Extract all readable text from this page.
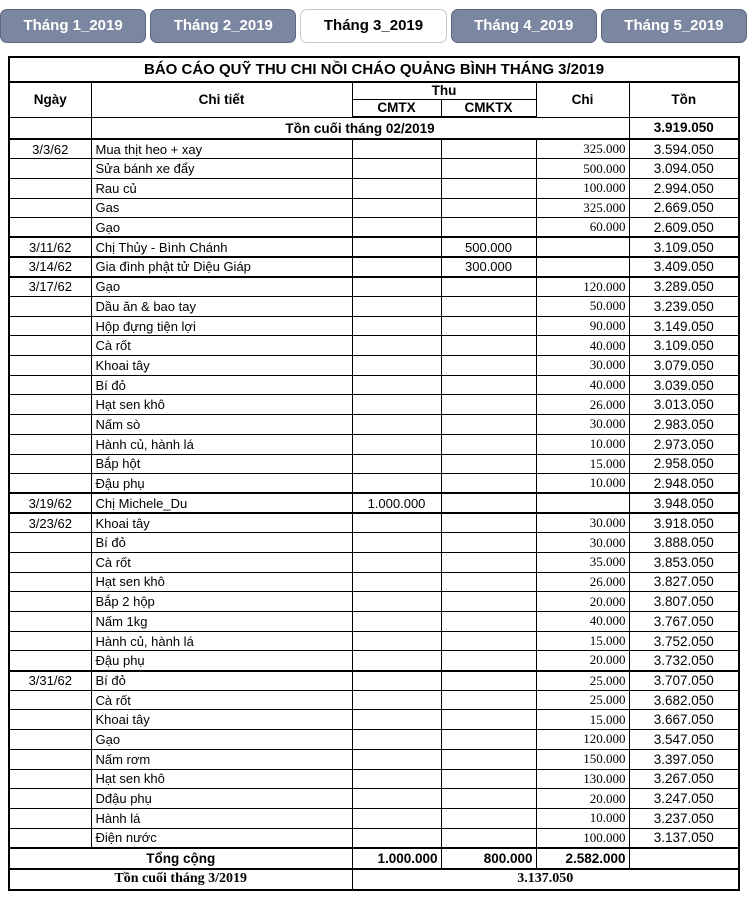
Tháng 1_2019	Tháng 2_2019	Tháng 3_2019	Tháng 4_2019	Tháng 5_2019
BÁO CÁO QUỸ THU CHI NỒI CHÁO QUẢNG BÌNH THÁNG 3/2019					
Ngày	Chi tiết	Thu		Chi	Tồn
		CMTX	CMKTX		
	Tồn cuối tháng 02/2019				3.919.050
3/3/62	Mua thịt heo + xay			325.000	3.594.050
	Sửa bánh xe đẩy			500.000	3.094.050
	Rau củ			100.000	2.994.050
	Gas			325.000	2.669.050
	Gạo			60.000	2.609.050
3/11/62	Chị Thủy - Bình Chánh		500.000		3.109.050
3/14/62	Gia đình phật tử Diệu Giáp		300.000		3.409.050
3/17/62	Gạo			120.000	3.289.050
	Dầu ăn & bao tay			50.000	3.239.050
	Hộp đựng tiện lợi			90.000	3.149.050
	Cà rốt			40.000	3.109.050
	Khoai tây			30.000	3.079.050
	Bí đỏ			40.000	3.039.050
	Hạt sen khô			26.000	3.013.050
	Nấm sò			30.000	2.983.050
	Hành củ, hành lá			10.000	2.973.050
	Bắp hột			15.000	2.958.050
	Đậu phụ			10.000	2.948.050
3/19/62	Chị Michele_Du	1.000.000			3.948.050
3/23/62	Khoai tây			30.000	3.918.050
	Bí đỏ			30.000	3.888.050
	Cà rốt			35.000	3.853.050
	Hạt sen khô			26.000	3.827.050
	Bắp 2 hộp			20.000	3.807.050
	Nấm 1kg			40.000	3.767.050
	Hành củ, hành lá			15.000	3.752.050
	Đậu phụ			20.000	3.732.050
3/31/62	Bí đỏ			25.000	3.707.050
	Cà rốt			25.000	3.682.050
	Khoai tây			15.000	3.667.050
	Gạo			120.000	3.547.050
	Nấm rơm			150.000	3.397.050
	Hạt sen khô			130.000	3.267.050
	Dđậu phụ			20.000	3.247.050
	Hành lá			10.000	3.237.050
	Điện nước			100.000	3.137.050
Tổng cộng		1.000.000	800.000	2.582.000	
Tồn cuối tháng 3/2019		3.137.050			
